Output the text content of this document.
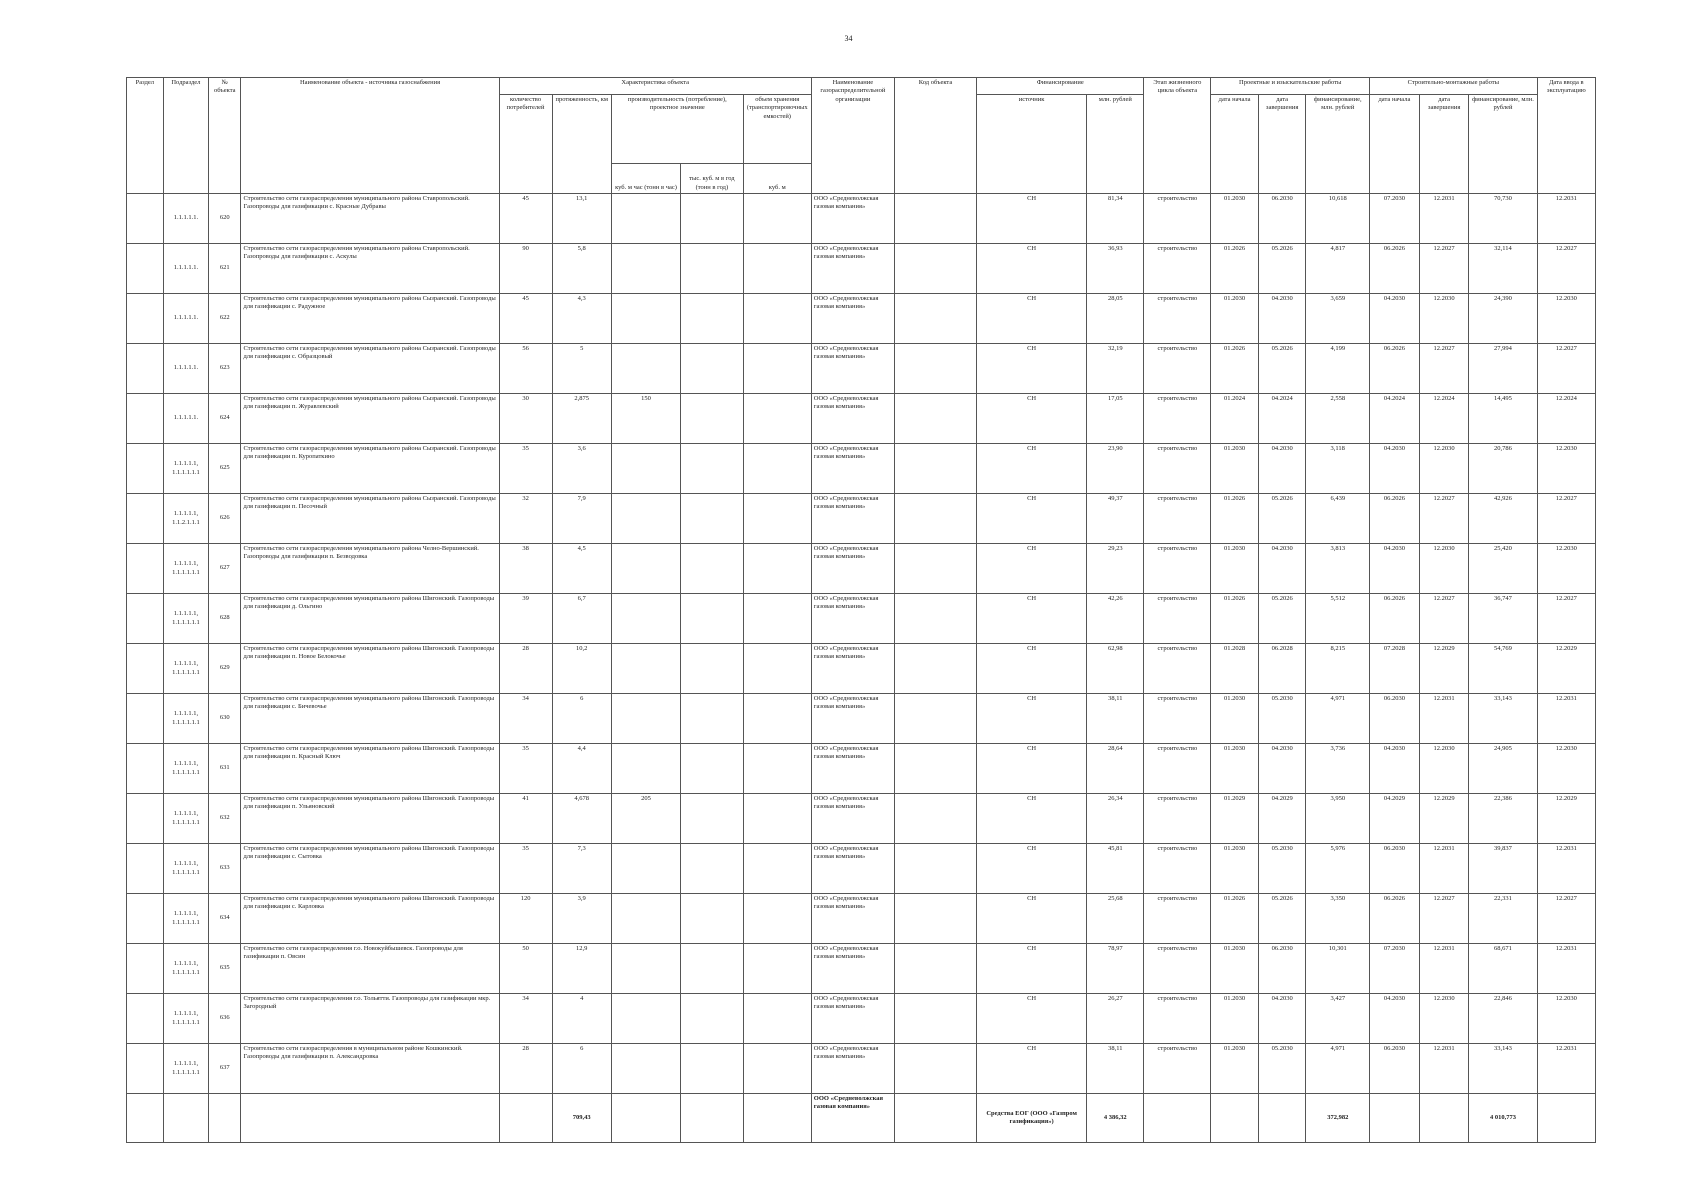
34
Раздел	Подраздел	№ объекта	Наименование объекта - источника газоснабжения	Характеристика объекта					Наименование газораспределительной организации	Код объекта	Финансирование		Этап жизненного цикла объекта	Проектные и изыскательские работы			Строительно-монтажные работы			Дата ввода в эксплуатацию
				количество потребителей	протяженность, км	производительность (потребление), проектное значение		объем хранения (транспортировочных емкостей)			источник	млн. рублей		дата начала	дата завершения	финансирование, млн. рублей	дата начала	дата завершения	финансирование, млн. рублей	
						куб. м час (тонн в час)	тыс. куб. м в год (тонн в год)	куб. м												
	1.1.1.1.1.	620	Строительство сети газораспределения муниципального района Ставропольский. Газопроводы для газификации с. Красные Дубравы	45	13,1				ООО «Средневолжская газовая компания»		СН	81,34	строительство	01.2030	06.2030	10,618	07.2030	12.2031	70,730	12.2031
	1.1.1.1.1.	621	Строительство сети газораспределения муниципального района Ставропольский. Газопроводы для газификации с. Аскулы	90	5,8				ООО «Средневолжская газовая компания»		СН	36,93	строительство	01.2026	05.2026	4,817	06.2026	12.2027	32,114	12.2027
	1.1.1.1.1.	622	Строительство сети газораспределения муниципального района Сызранский. Газопроводы для газификации с. Радужное	45	4,3				ООО «Средневолжская газовая компания»		СН	28,05	строительство	01.2030	04.2030	3,659	04.2030	12.2030	24,390	12.2030
	1.1.1.1.1.	623	Строительство сети газораспределения муниципального района Сызранский. Газопроводы для газификации с. Образцовый	56	5				ООО «Средневолжская газовая компания»		СН	32,19	строительство	01.2026	05.2026	4,199	06.2026	12.2027	27,994	12.2027
	1.1.1.1.1.	624	Строительство сети газораспределения муниципального района Сызранский. Газопроводы для газификации п. Журавлевский	30	2,875	150			ООО «Средневолжская газовая компания»		СН	17,05	строительство	01.2024	04.2024	2,558	04.2024	12.2024	14,495	12.2024
	1.1.1.1.1, 1.1.1.1.1.1	625	Строительство сети газораспределения муниципального района Сызранский. Газопроводы для газификации п. Куропаткино	35	3,6				ООО «Средневолжская газовая компания»		СН	23,90	строительство	01.2030	04.2030	3,118	04.2030	12.2030	20,786	12.2030
	1.1.1.1.1, 1.1.2.1.1.1	626	Строительство сети газораспределения муниципального района Сызранский. Газопроводы для газификации п. Песочный	32	7,9				ООО «Средневолжская газовая компания»		СН	49,37	строительство	01.2026	05.2026	6,439	06.2026	12.2027	42,926	12.2027
	1.1.1.1.1, 1.1.1.1.1.1	627	Строительство сети газораспределения муниципального района Челно-Вершинский. Газопроводы для газификации п. Безводовка	38	4,5				ООО «Средневолжская газовая компания»		СН	29,23	строительство	01.2030	04.2030	3,813	04.2030	12.2030	25,420	12.2030
	1.1.1.1.1, 1.1.1.1.1.1	628	Строительство сети газораспределения муниципального района Шигонский. Газопроводы для газификации д. Ольгино	39	6,7				ООО «Средневолжская газовая компания»		СН	42,26	строительство	01.2026	05.2026	5,512	06.2026	12.2027	36,747	12.2027
	1.1.1.1.1, 1.1.1.1.1.1	629	Строительство сети газораспределения муниципального района Шигонский. Газопроводы для газификации п. Новое Белокочье	28	10,2				ООО «Средневолжская газовая компания»		СН	62,98	строительство	01.2028	06.2028	8,215	07.2028	12.2029	54,769	12.2029
	1.1.1.1.1, 1.1.1.1.1.1	630	Строительство сети газораспределения муниципального района Шигонский. Газопроводы для газификации с. Бичевочье	34	6				ООО «Средневолжская газовая компания»		СН	38,11	строительство	01.2030	05.2030	4,971	06.2030	12.2031	33,143	12.2031
	1.1.1.1.1, 1.1.1.1.1.1	631	Строительство сети газораспределения муниципального района Шигонский. Газопроводы для газификации п. Красный Ключ	35	4,4				ООО «Средневолжская газовая компания»		СН	28,64	строительство	01.2030	04.2030	3,736	04.2030	12.2030	24,905	12.2030
	1.1.1.1.1, 1.1.1.1.1.1	632	Строительство сети газораспределения муниципального района Шигонский. Газопроводы для газификации п. Ульяновский	41	4,678	205			ООО «Средневолжская газовая компания»		СН	26,34	строительство	01.2029	04.2029	3,950	04.2029	12.2029	22,386	12.2029
	1.1.1.1.1, 1.1.1.1.1.1	633	Строительство сети газораспределения муниципального района Шигонский. Газопроводы для газификации с. Сытовка	35	7,3				ООО «Средневолжская газовая компания»		СН	45,81	строительство	01.2030	05.2030	5,976	06.2030	12.2031	39,837	12.2031
	1.1.1.1.1, 1.1.1.1.1.1	634	Строительство сети газораспределения муниципального района Шигонский. Газопроводы для газификации с. Карловка	120	3,9				ООО «Средневолжская газовая компания»		СН	25,68	строительство	01.2026	05.2026	3,350	06.2026	12.2027	22,331	12.2027
	1.1.1.1.1, 1.1.1.1.1.1	635	Строительство сети газораспределения г.о. Новокуйбышевск. Газопроводы для газификации п. Овсин	50	12,9				ООО «Средневолжская газовая компания»		СН	78,97	строительство	01.2030	06.2030	10,301	07.2030	12.2031	68,671	12.2031
	1.1.1.1.1, 1.1.1.1.1.1	636	Строительство сети газораспределения г.о. Тольятти. Газопроводы для газификации мкр. Загородный	34	4				ООО «Средневолжская газовая компания»		СН	26,27	строительство	01.2030	04.2030	3,427	04.2030	12.2030	22,846	12.2030
	1.1.1.1.1, 1.1.1.1.1.1	637	Строительство сети газораспределения в муниципальном районе Кошкинский. Газопроводы для газификации п. Александровка	28	6				ООО «Средневолжская газовая компания»		СН	38,11	строительство	01.2030	05.2030	4,971	06.2030	12.2031	33,143	12.2031
					709,43				ООО «Средневолжская газовая компания»		Средства ЕОГ (ООО «Газпром газификация»)	4 386,32				372,982			4 010,773	
